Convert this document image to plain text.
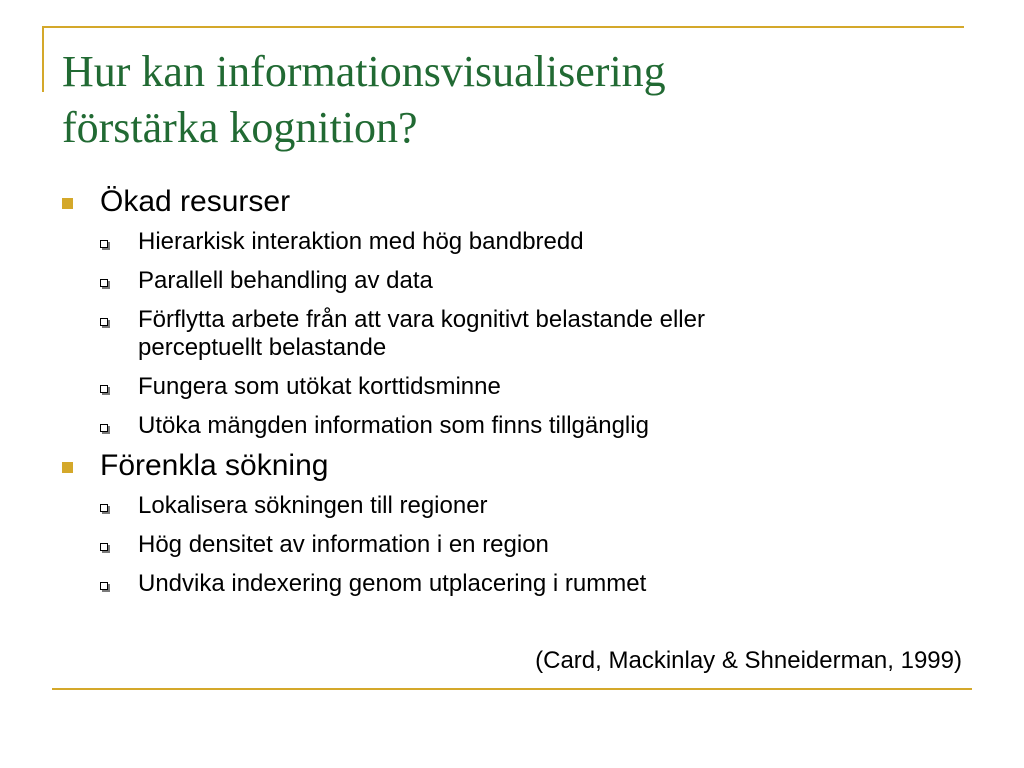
Hur kan informationsvisualisering
förstärka kognition?

Ökad resurser

Hierarkisk interaktion med hög bandbredd

Parallell behandling av data

Förflytta arbete från att vara kognitivt belastande eller
perceptuellt belastande

Fungera som utökat korttidsminne

Utöka mängden information som finns tillgänglig

Förenkla sökning

Lokalisera sökningen till regioner

Hög densitet av information i en region

Undvika indexering genom utplacering i rummet

(Card, Mackinlay & Shneiderman, 1999)
